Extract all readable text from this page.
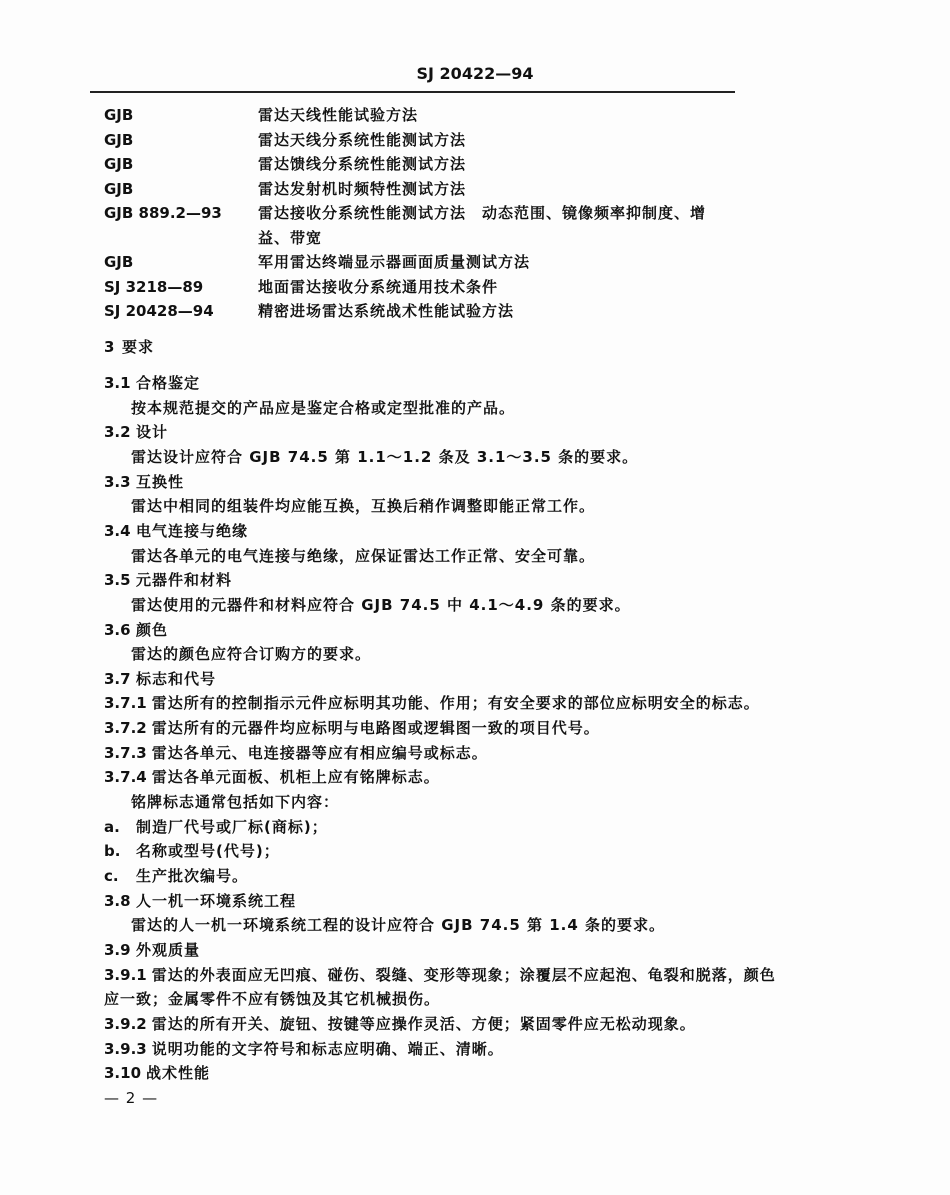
SJ 20422—94
GJB	雷达天线性能试验方法
GJB	雷达天线分系统性能测试方法
GJB	雷达馈线分系统性能测试方法
GJB	雷达发射机时频特性测试方法
GJB 889.2—93	雷达接收分系统性能测试方法　动态范围、镜像频率抑制度、增
益、带宽
GJB	军用雷达终端显示器画面质量测试方法
SJ 3218—89	地面雷达接收分系统通用技术条件
SJ 20428—94	精密进场雷达系统战术性能试验方法
3 要求
3.1 合格鉴定
按本规范提交的产品应是鉴定合格或定型批准的产品。
3.2 设计
雷达设计应符合 GJB 74.5 第 1.1～1.2 条及 3.1～3.5 条的要求。
3.3 互换性
雷达中相同的组装件均应能互换，互换后稍作调整即能正常工作。
3.4 电气连接与绝缘
雷达各单元的电气连接与绝缘，应保证雷达工作正常、安全可靠。
3.5 元器件和材料
雷达使用的元器件和材料应符合 GJB 74.5 中 4.1～4.9 条的要求。
3.6 颜色
雷达的颜色应符合订购方的要求。
3.7 标志和代号
3.7.1 雷达所有的控制指示元件应标明其功能、作用；有安全要求的部位应标明安全的标志。
3.7.2 雷达所有的元器件均应标明与电路图或逻辑图一致的项目代号。
3.7.3 雷达各单元、电连接器等应有相应编号或标志。
3.7.4 雷达各单元面板、机柜上应有铭牌标志。
铭牌标志通常包括如下内容：
a.	制造厂代号或厂标(商标)；
b.	名称或型号(代号)；
c.	生产批次编号。
3.8 人一机一环境系统工程
雷达的人一机一环境系统工程的设计应符合 GJB 74.5 第 1.4 条的要求。
3.9 外观质量
3.9.1 雷达的外表面应无凹痕、碰伤、裂缝、变形等现象；涂覆层不应起泡、龟裂和脱落，颜色
应一致；金属零件不应有锈蚀及其它机械损伤。
3.9.2 雷达的所有开关、旋钮、按键等应操作灵活、方便；紧固零件应无松动现象。
3.9.3 说明功能的文字符号和标志应明确、端正、清晰。
3.10 战术性能
— 2 —
